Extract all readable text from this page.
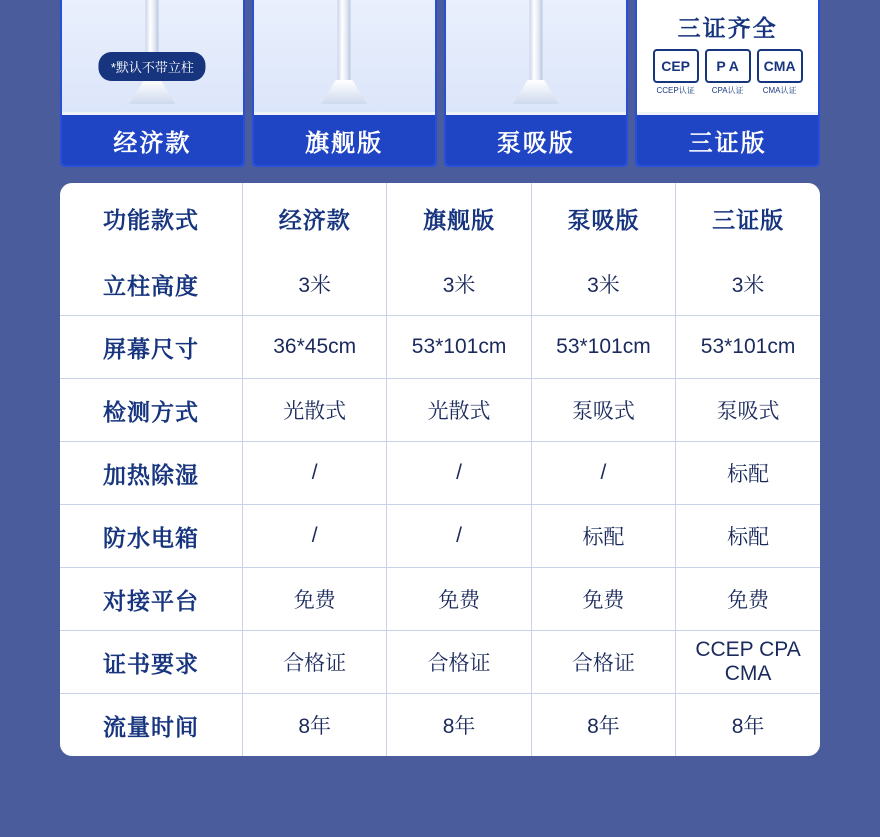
*默认不带立柱
经济款	旗舰版	泵吸版
三证齐全
CEP
CCEP认证
P A
CPA认证
CMA
CMA认证
三证版
功能款式	经济款	旗舰版	泵吸版	三证版
立柱高度	3米	3米	3米	3米
屏幕尺寸	36*45cm	53*101cm	53*101cm	53*101cm
检测方式	光散式	光散式	泵吸式	泵吸式
加热除湿	/	/	/	标配
防水电箱	/	/	标配	标配
对接平台	免费	免费	免费	免费
证书要求	合格证	合格证	合格证	CCEP CPA CMA
流量时间	8年	8年	8年	8年
